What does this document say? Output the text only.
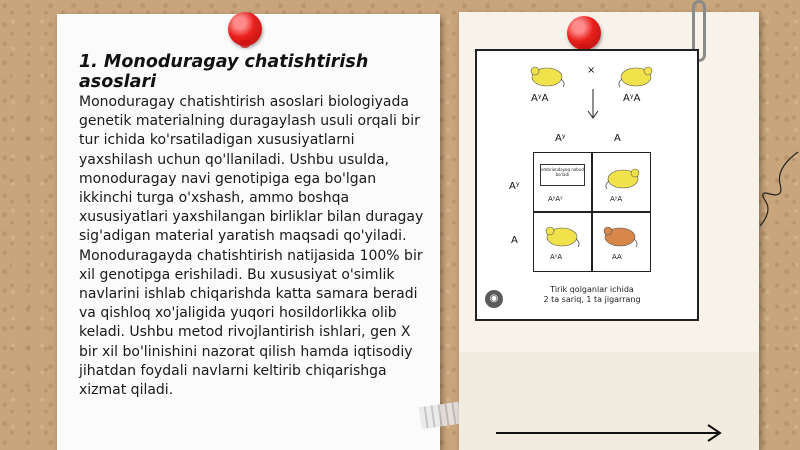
1. Monoduragay chatishtirish asoslari

Monoduragay chatishtirish asoslari biologiyada genetik materialning duragaylash usuli orqali bir tur ichida ko'rsatiladigan xususiyatlarni yaxshilash uchun qo'llaniladi. Ushbu usulda, monoduragay navi genotipiga ega bo'lgan ikkinchi turga o'xshash, ammo boshqa xususiyatlari yaxshilangan birliklar bilan duragay sig'adigan material yaratish maqsadi qo'yiladi. Monoduragayda chatishtirish natijasida 100% bir xil genotipga erishiladi. Bu xususiyat o'simlik navlarini ishlab chiqarishda katta samara beradi va qishloq xo'jaligida yuqori hosildorlikka olib keladi. Ushbu metod rivojlantirish ishlari, gen X bir xil bo'linishini nazorat qilish hamda iqtisodiy jihatdan foydali navlarni keltirib chiqarishga xizmat qiladi.

AʸA
×
AʸA
Aʸ	A
Aʸ
A
embriondayoq nobud bo'ladi
AʸAʸ	AʸA
AʸA	AA
Tirik qolganlar ichida
2 ta sariq, 1 ta jigarrang
◉
